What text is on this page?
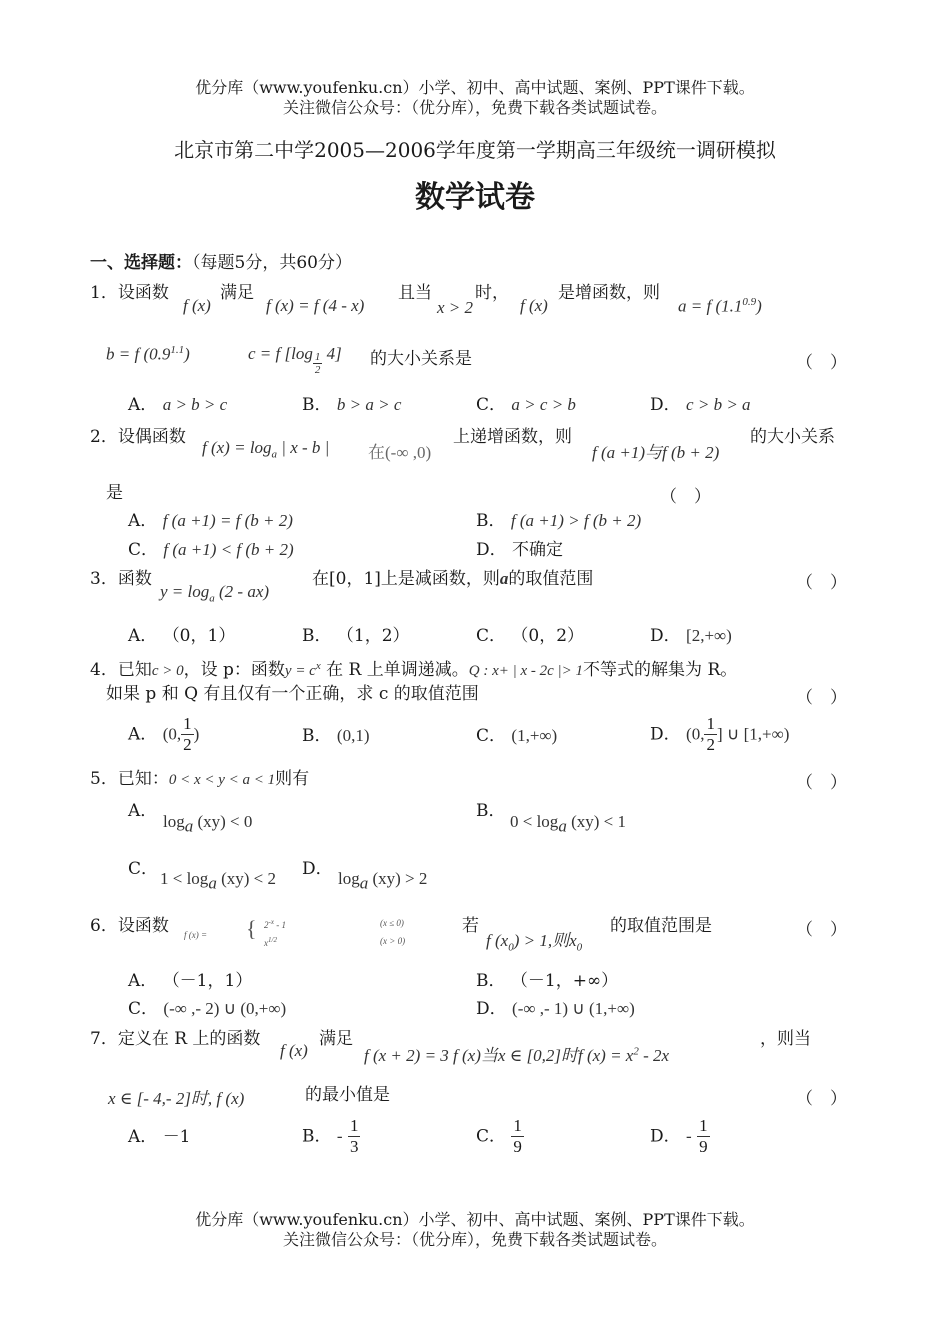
优分库（www.youfenku.cn）小学、初中、高中试题、案例、PPT课件下载。
关注微信公众号：（优分库），免费下载各类试题试卷。
北京市第二中学2005—2006学年度第一学期高三年级统一调研模拟
数学试卷
一、选择题：（每题5分，共60分）
1．设函数
f (x)
满足
f (x) = f (4 - x)
且当
x > 2
时，
f (x)
是增函数，则
a = f $(1.1^{0.9})$
b = f $(0.9^{1.1})$	c = f $[\log \frac{1}{2} 4]$ 的大小关系是	（　）
A． a > b > c	B． b > a > c	C． a > c > b	D． c > b > a
2．设偶函数
f $(x) = \log_a$ | x - b | 在(-∞ ,0)
上递增函数，则
f (a +1)与f (b + 2)
的大小关系
是	（　）
A． f (a +1) = f (b + 2)	B． f (a +1) > f (b + 2)
C． f (a +1) < f (b + 2)	D． 不确定
3．函数
$y = \log_a (2 - ax)$
在[0，1]上是减函数，则a的取值范围	（　）
A． （0，1）	B． （1，2）	C． （0，2）	D． [2,+∞)
4．已知c > 0，设 p：函数$y = c^x$ 在 R 上单调递减。Q : x+ | x - 2c |> 1不等式的解集为 R。
如果 p 和 Q 有且仅有一个正确，求 c 的取值范围	（　）
A． (0, $\frac{1}{2}$ )	B． (0,1)	C． (1,+∞)	D． (0, $\frac{1}{2}$ ] ∪ [1,+∞)
5．已知：0 < x < y < a < 1则有	（　）
A．
$\log_a (xy) < 0$
B．
$0 < \log_a (xy) < 1$
C． $1 < \log_a (xy) < 2$ D． $\log_a (xy) > 2$
6．设函数 f (x) = { $2^{-x} - 1$	(x ≤ 0)
$x^{1/2}$	(x > 0)
若
f $(x_0) > 1$,则$x_0$
的取值范围是	（　）
A． （－1，1）	B． （－1，+∞）
C． (-∞ ,- 2) ∪ (0,+∞)	D． (-∞ ,- 1) ∪ (1,+∞)
7．定义在 R 上的函数
f (x)
满足
f (x + 2) = 3 f (x)当x ∈ [0,2]时f $(x) = x^2 - 2x$
，则当
x ∈ [- 4,- 2]时, f (x)	的最小值是	（　）
A． －1	B． - $\frac{1}{3}$	C． $\frac{1}{9}$	D． - $\frac{1}{9}$
优分库（www.youfenku.cn）小学、初中、高中试题、案例、PPT课件下载。
关注微信公众号：（优分库），免费下载各类试题试卷。
